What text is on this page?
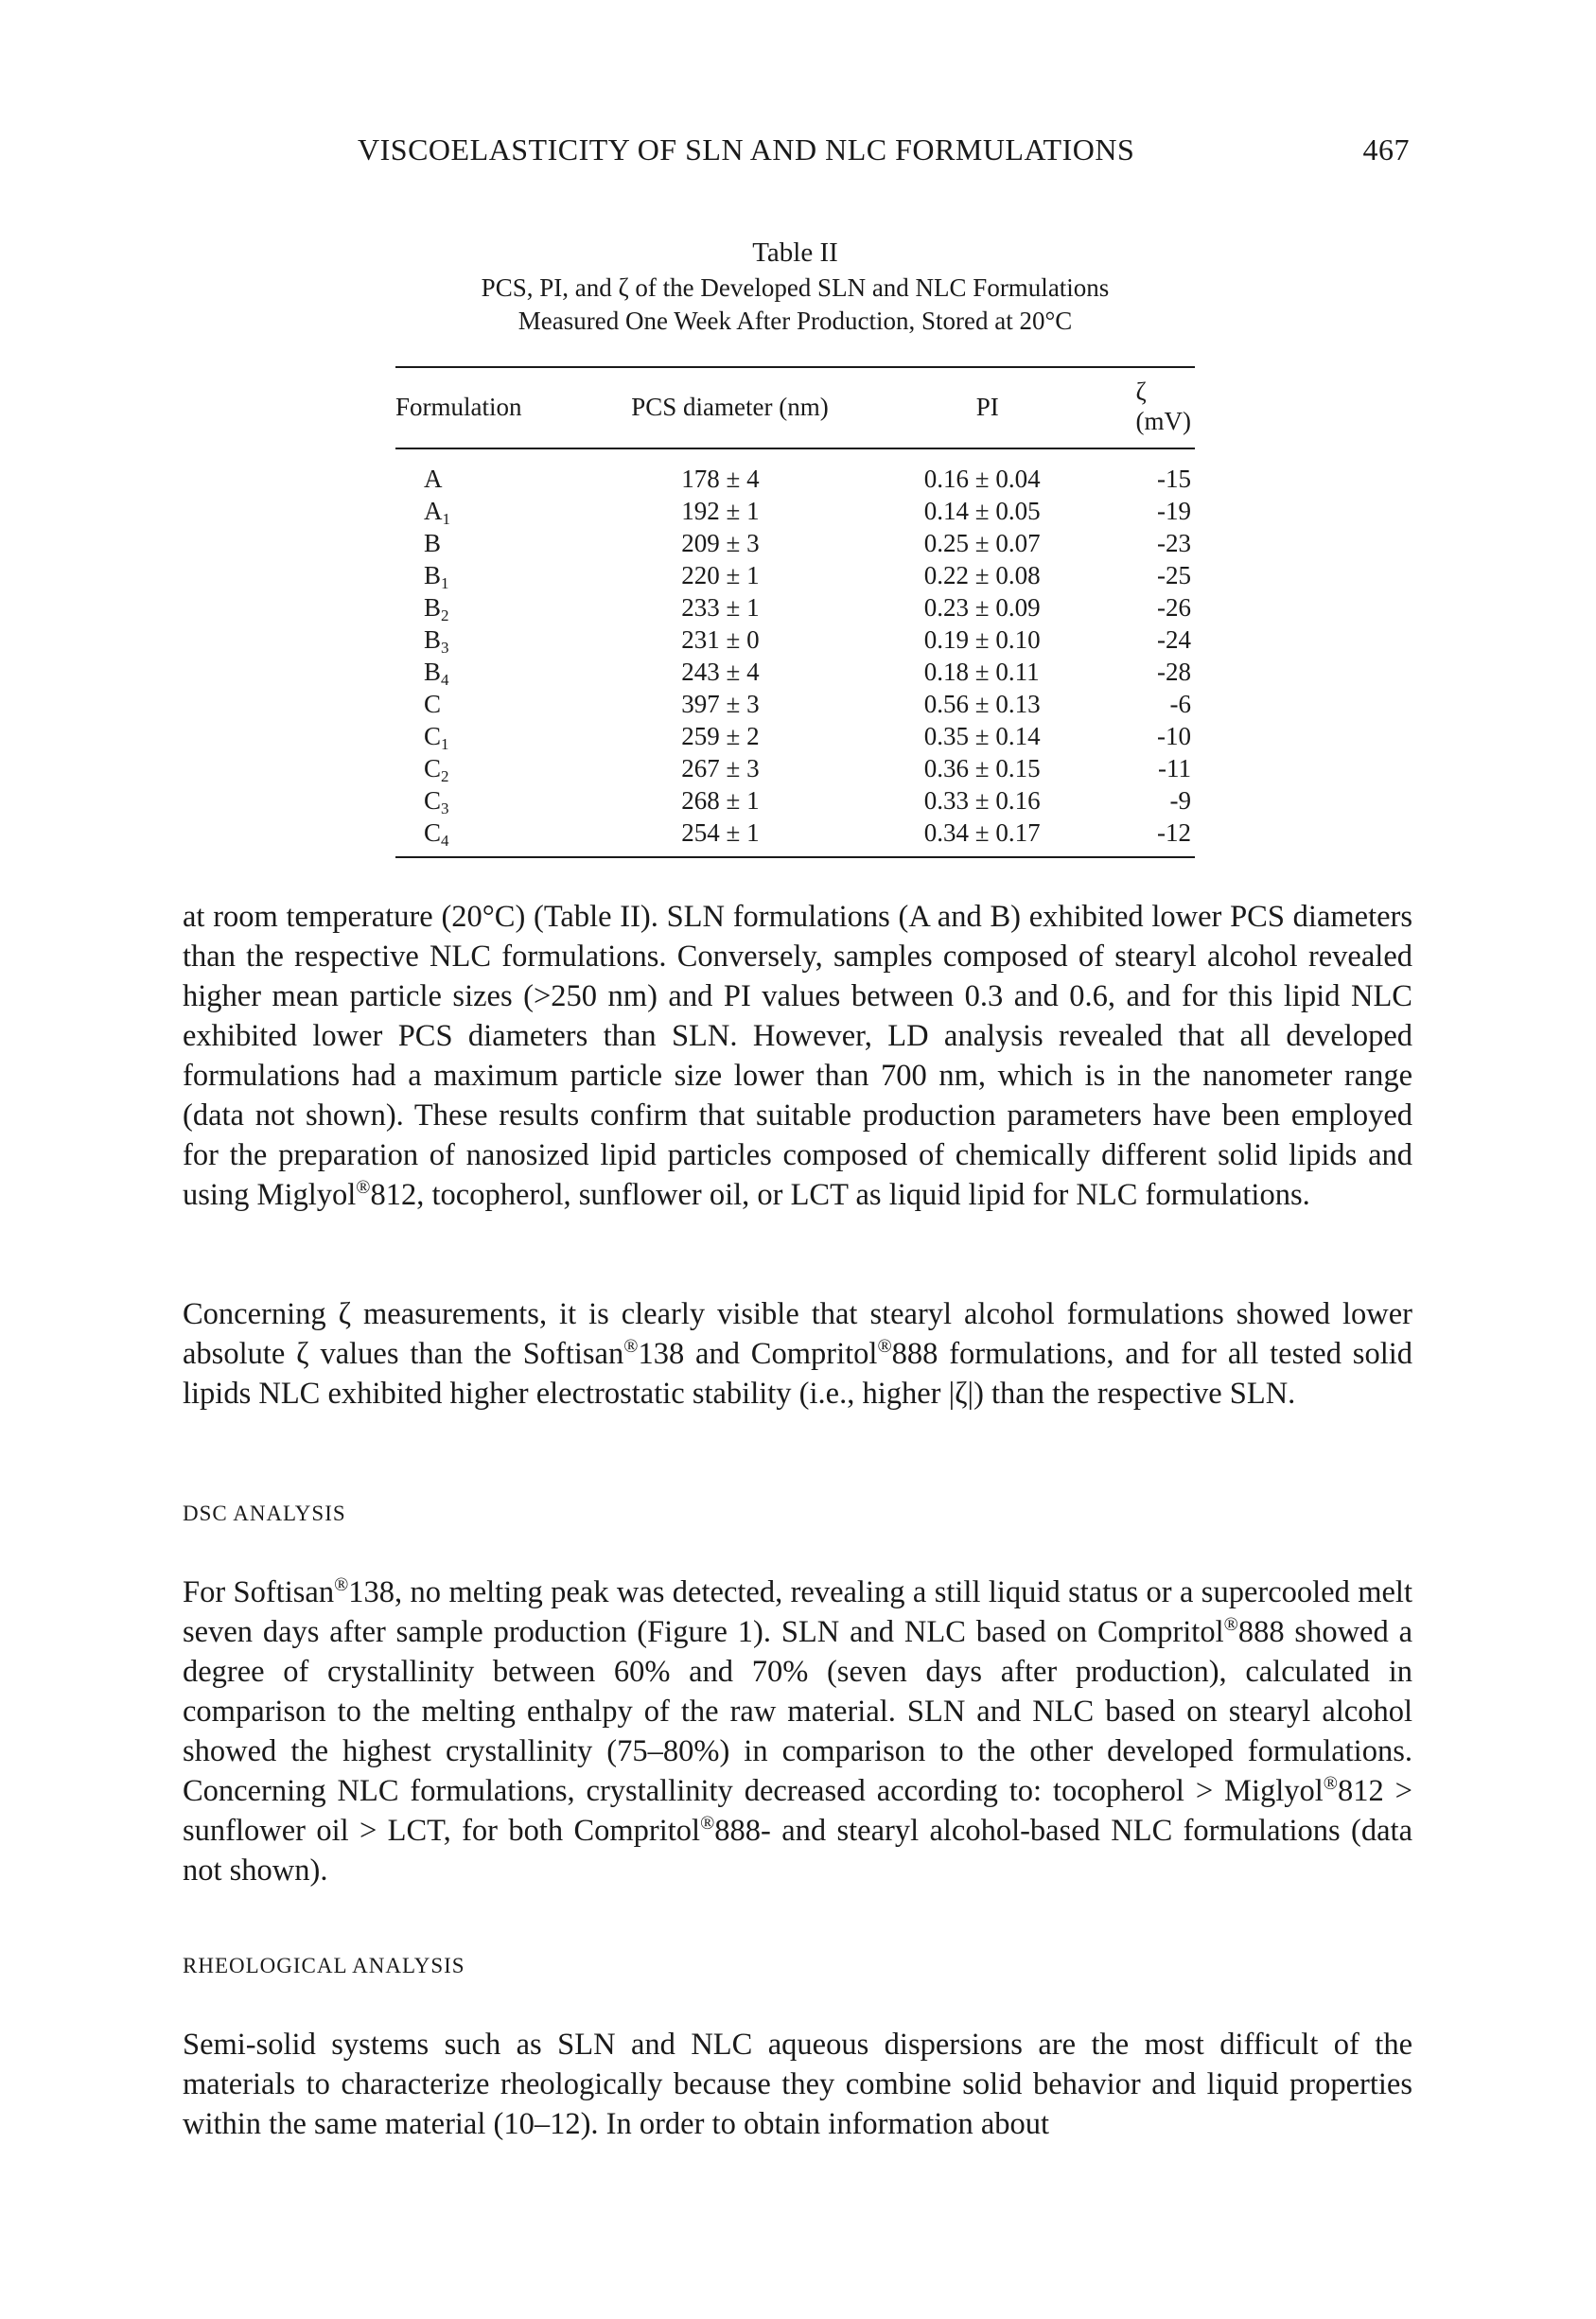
VISCOELASTICITY OF SLN AND NLC FORMULATIONS	467
Table II
PCS, PI, and ζ of the Developed SLN and NLC Formulations
Measured One Week After Production, Stored at 20°C
Formulation	PCS diameter (nm)	PI	ζ (mV)
A	178 ± 4	0.16 ± 0.04	-15
$A_1$	192 ± 1	0.14 ± 0.05	-19
B	209 ± 3	0.25 ± 0.07	-23
$B_1$	220 ± 1	0.22 ± 0.08	-25
$B_2$	233 ± 1	0.23 ± 0.09	-26
$B_3$	231 ± 0	0.19 ± 0.10	-24
$B_4$	243 ± 4	0.18 ± 0.11	-28
C	397 ± 3	0.56 ± 0.13	-6
$C_1$	259 ± 2	0.35 ± 0.14	-10
$C_2$	267 ± 3	0.36 ± 0.15	-11
$C_3$	268 ± 1	0.33 ± 0.16	-9
$C_4$	254 ± 1	0.34 ± 0.17	-12

at room temperature (20°C) (Table II). SLN formulations (A and B) exhibited lower PCS diameters than the respective NLC formulations. Conversely, samples composed of stearyl alcohol revealed higher mean particle sizes (>250 nm) and PI values between 0.3 and 0.6, and for this lipid NLC exhibited lower PCS diameters than SLN. However, LD analysis revealed that all developed formulations had a maximum particle size lower than 700 nm, which is in the nanometer range (data not shown). These results confirm that suitable production parameters have been employed for the preparation of nanosized lipid particles composed of chemically different solid lipids and using Miglyol®812, tocopherol, sunflower oil, or LCT as liquid lipid for NLC formulations.

Concerning ζ measurements, it is clearly visible that stearyl alcohol formulations showed lower absolute ζ values than the Softisan®138 and Compritol®888 formulations, and for all tested solid lipids NLC exhibited higher electrostatic stability (i.e., higher |ζ|) than the respective SLN.

DSC ANALYSIS

For Softisan®138, no melting peak was detected, revealing a still liquid status or a supercooled melt seven days after sample production (Figure 1). SLN and NLC based on Compritol®888 showed a degree of crystallinity between 60% and 70% (seven days after production), calculated in comparison to the melting enthalpy of the raw material. SLN and NLC based on stearyl alcohol showed the highest crystallinity (75–80%) in comparison to the other developed formulations. Concerning NLC formulations, crystallinity decreased according to: tocopherol > Miglyol®812 > sunflower oil > LCT, for both Compritol®888- and stearyl alcohol-based NLC formulations (data not shown).

RHEOLOGICAL ANALYSIS

Semi-solid systems such as SLN and NLC aqueous dispersions are the most difficult of the materials to characterize rheologically because they combine solid behavior and liquid properties within the same material (10–12). In order to obtain information about
